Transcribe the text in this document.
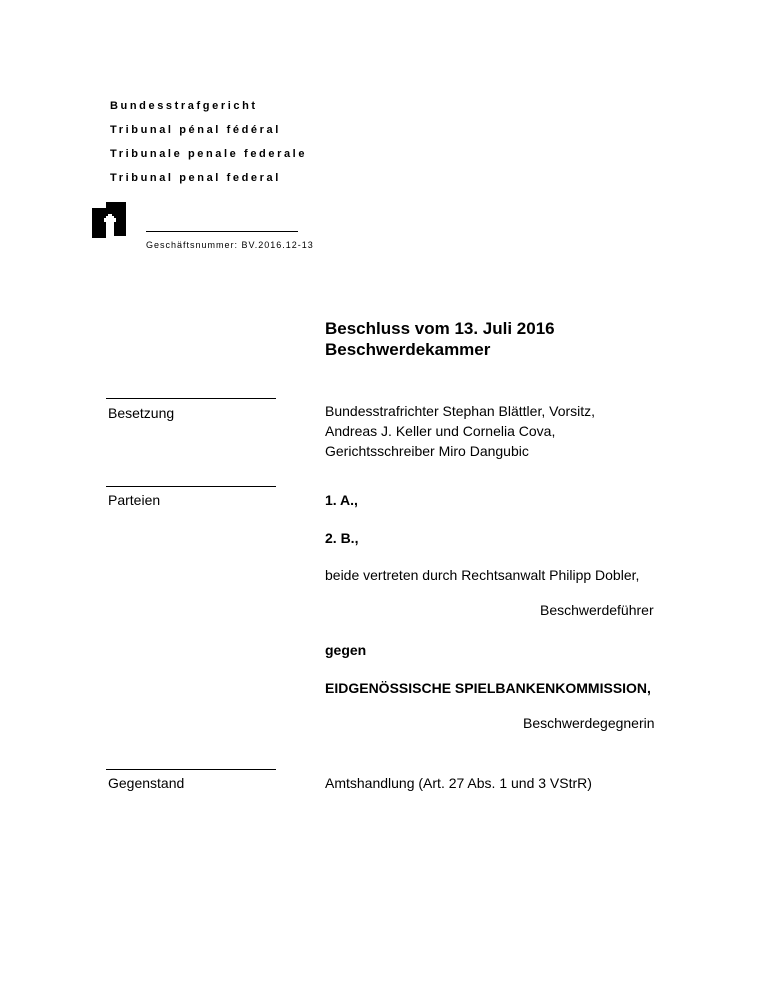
Bundesstrafgericht
Tribunal pénal fédéral
Tribunale penale federale
Tribunal penal federal
Geschäftsnummer: BV.2016.12-13
Beschluss vom 13. Juli 2016
Beschwerdekammer
Besetzung	Bundesstrafrichter Stephan Blättler, Vorsitz,
Andreas J. Keller und Cornelia Cova,
Gerichtsschreiber Miro Dangubic
Parteien	1. A.,
2. B.,
beide vertreten durch Rechtsanwalt Philipp Dobler,
Beschwerdeführer
gegen
EIDGENÖSSISCHE SPIELBANKENKOMMISSION,
Beschwerdegegnerin
Gegenstand	Amtshandlung (Art. 27 Abs. 1 und 3 VStrR)
